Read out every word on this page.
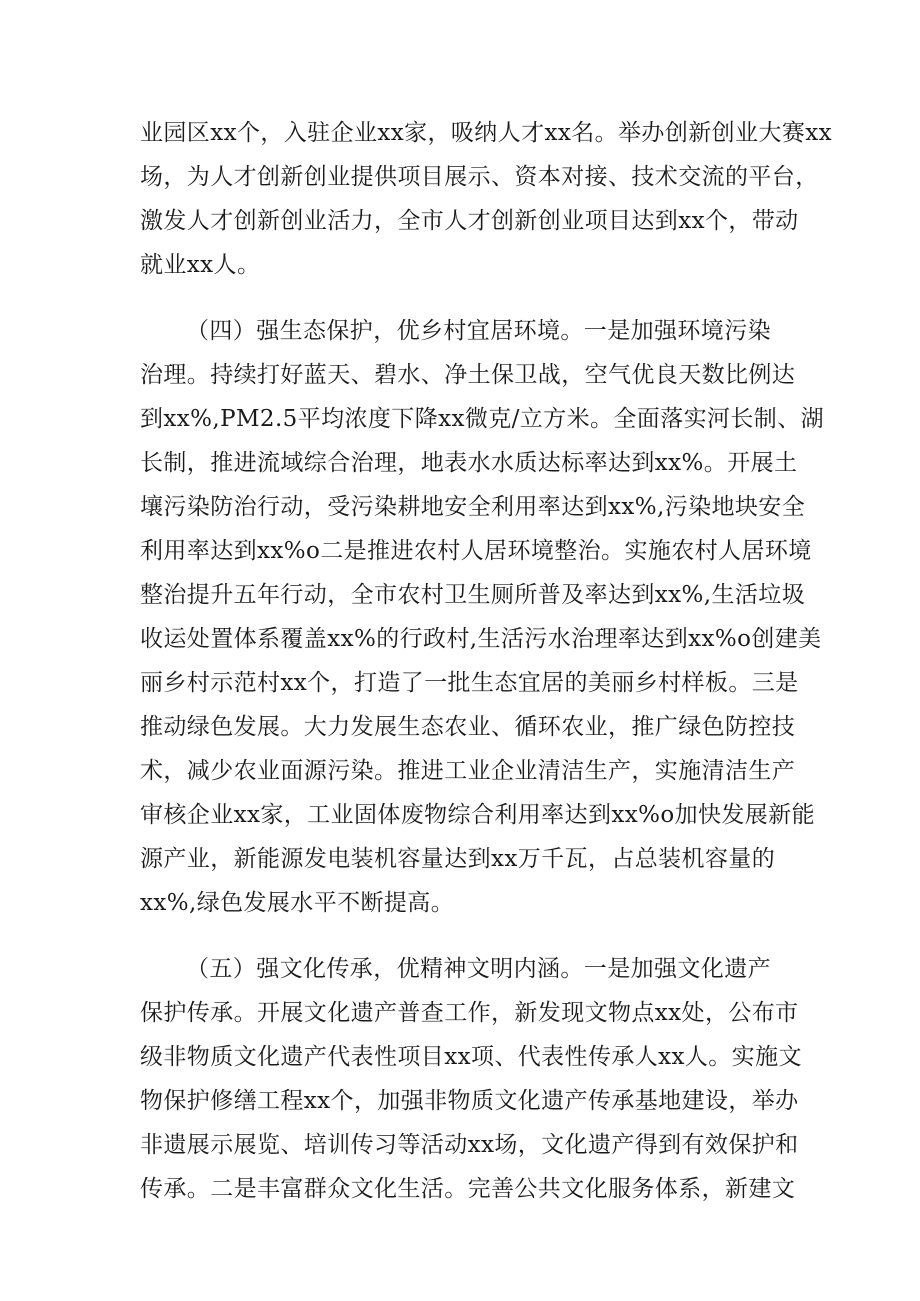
业园区xx个，入驻企业xx家，吸纳人才xx名。举办创新创业大赛xx
场，为人才创新创业提供项目展示、资本对接、技术交流的平台，
激发人才创新创业活力，全市人才创新创业项目达到xx个，带动
就业xx人。
（四）强生态保护，优乡村宜居环境。一是加强环境污染
治理。持续打好蓝天、碧水、净土保卫战，空气优良天数比例达
到xx%,PM2.5平均浓度下降xx微克/立方米。全面落实河长制、湖
长制，推进流域综合治理，地表水水质达标率达到xx%。开展土
壤污染防治行动，受污染耕地安全利用率达到xx%,污染地块安全
利用率达到xx%o二是推进农村人居环境整治。实施农村人居环境
整治提升五年行动，全市农村卫生厕所普及率达到xx%,生活垃圾
收运处置体系覆盖xx%的行政村,生活污水治理率达到xx%o创建美
丽乡村示范村xx个，打造了一批生态宜居的美丽乡村样板。三是
推动绿色发展。大力发展生态农业、循环农业，推广绿色防控技
术，减少农业面源污染。推进工业企业清洁生产，实施清洁生产
审核企业xx家，工业固体废物综合利用率达到xx%o加快发展新能
源产业，新能源发电装机容量达到xx万千瓦，占总装机容量的
xx%,绿色发展水平不断提高。
（五）强文化传承，优精神文明内涵。一是加强文化遗产
保护传承。开展文化遗产普查工作，新发现文物点xx处，公布市
级非物质文化遗产代表性项目xx项、代表性传承人xx人。实施文
物保护修缮工程xx个，加强非物质文化遗产传承基地建设，举办
非遗展示展览、培训传习等活动xx场，文化遗产得到有效保护和
传承。二是丰富群众文化生活。完善公共文化服务体系，新建文
